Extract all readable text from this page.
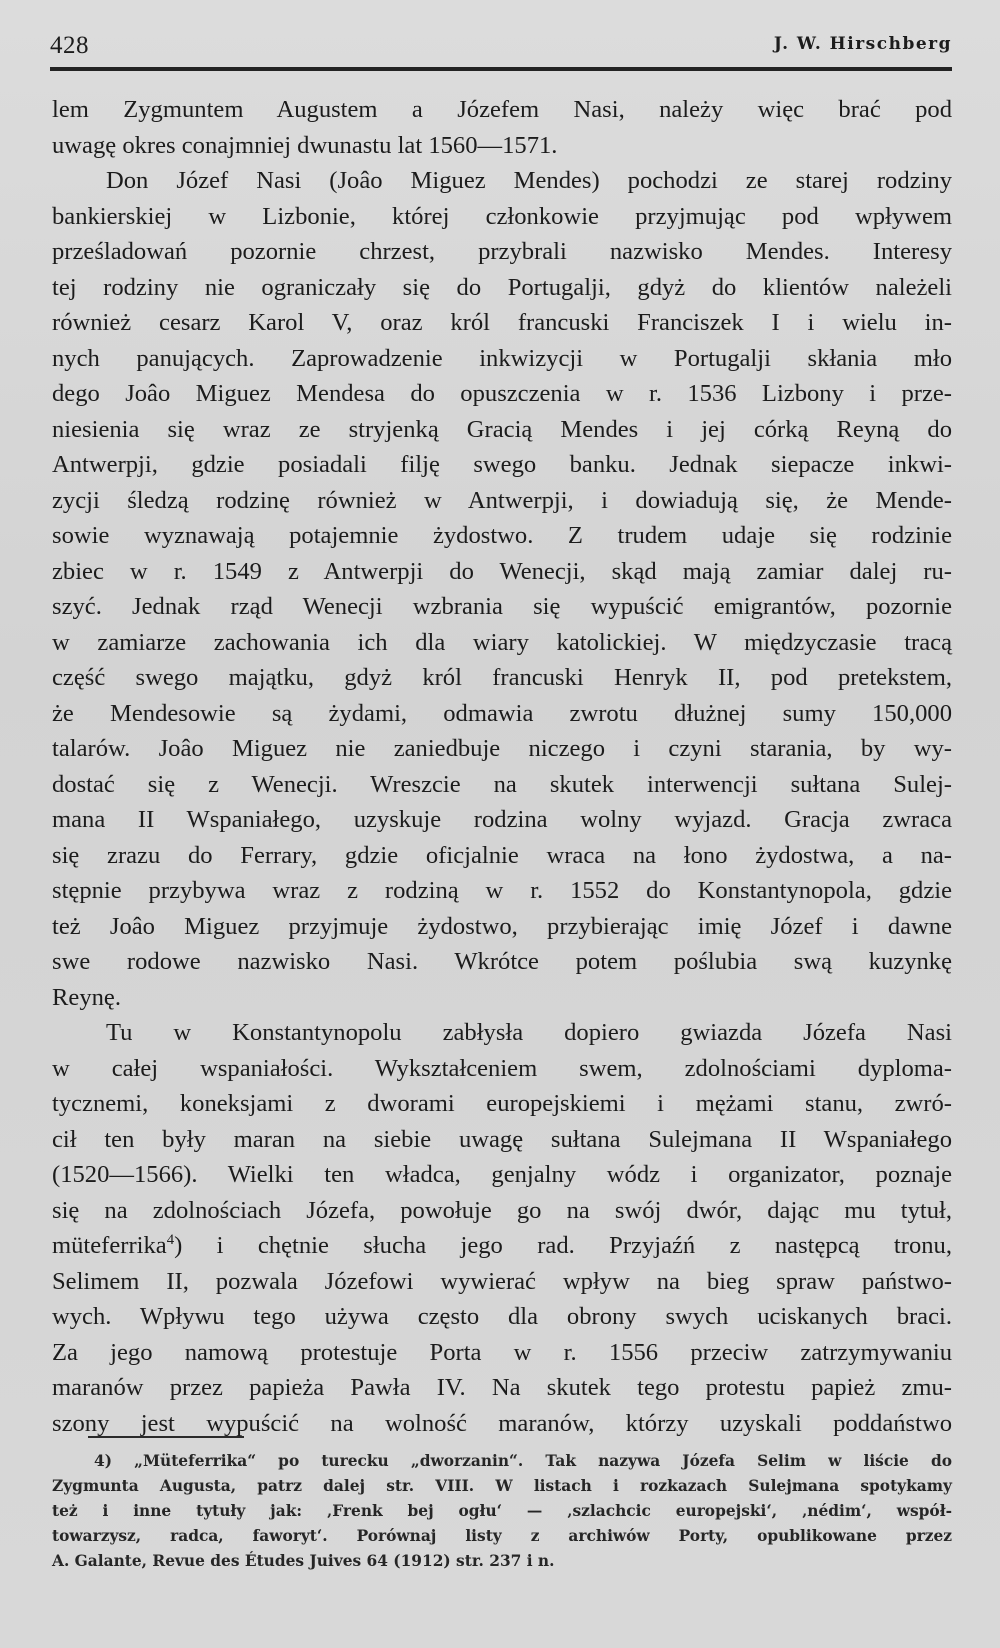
428	J. W. Hirschberg
lem Zygmuntem Augustem a Józefem Nasi, należy więc brać pod
uwagę okres conajmniej dwunastu lat 1560—1571.
Don Józef Nasi (Joâo Miguez Mendes) pochodzi ze starej rodziny
bankierskiej w Lizbonie, której członkowie przyjmując pod wpływem
prześladowań pozornie chrzest, przybrali nazwisko Mendes. Interesy
tej rodziny nie ograniczały się do Portugalji, gdyż do klientów należeli
również cesarz Karol V, oraz król francuski Franciszek I i wielu in-
nych panujących. Zaprowadzenie inkwizycji w Portugalji skłania mło
dego Joâo Miguez Mendesa do opuszczenia w r. 1536 Lizbony i prze-
niesienia się wraz ze stryjenką Gracią Mendes i jej córką Reyną do
Antwerpji, gdzie posiadali filję swego banku. Jednak siepacze inkwi-
zycji śledzą rodzinę również w Antwerpji, i dowiadują się, że Mende-
sowie wyznawają potajemnie żydostwo. Z trudem udaje się rodzinie
zbiec w r. 1549 z Antwerpji do Wenecji, skąd mają zamiar dalej ru-
szyć. Jednak rząd Wenecji wzbrania się wypuścić emigrantów, pozornie
w zamiarze zachowania ich dla wiary katolickiej. W międzyczasie tracą
część swego majątku, gdyż król francuski Henryk II, pod pretekstem,
że Mendesowie są żydami, odmawia zwrotu dłużnej sumy 150,000
talarów. Joâo Miguez nie zaniedbuje niczego i czyni starania, by wy-
dostać się z Wenecji. Wreszcie na skutek interwencji sułtana Sulej-
mana II Wspaniałego, uzyskuje rodzina wolny wyjazd. Gracja zwraca
się zrazu do Ferrary, gdzie oficjalnie wraca na łono żydostwa, a na-
stępnie przybywa wraz z rodziną w r. 1552 do Konstantynopola, gdzie
też Joâo Miguez przyjmuje żydostwo, przybierając imię Józef i dawne
swe rodowe nazwisko Nasi. Wkrótce potem poślubia swą kuzynkę
Reynę.
Tu w Konstantynopolu zabłysła dopiero gwiazda Józefa Nasi
w całej wspaniałości. Wykształceniem swem, zdolnościami dyploma-
tycznemi, koneksjami z dworami europejskiemi i mężami stanu, zwró-
cił ten były maran na siebie uwagę sułtana Sulejmana II Wspaniałego
(1520—1566). Wielki ten władca, genjalny wódz i organizator, poznaje
się na zdolnościach Józefa, powołuje go na swój dwór, dając mu tytuł,
müteferrika$^4$) i chętnie słucha jego rad. Przyjaźń z następcą tronu,
Selimem II, pozwala Józefowi wywierać wpływ na bieg spraw państwo-
wych. Wpływu tego używa często dla obrony swych uciskanych braci.
Za jego namową protestuje Porta w r. 1556 przeciw zatrzymywaniu
maranów przez papieża Pawła IV. Na skutek tego protestu papież zmu-
szony jest wypuścić na wolność maranów, którzy uzyskali poddaństwo
4) „Müteferrika“ po turecku „dworzanin“. Tak nazywa Józefa Selim w liście do
Zygmunta Augusta, patrz dalej str. VIII. W listach i rozkazach Sulejmana spotykamy
też i inne tytuły jak: ‚Frenk bej ogłu‘ — ‚szlachcic europejski‘, ‚nédim‘, współ-
towarzysz, radca, faworyt‘. Porównaj listy z archiwów Porty, opublikowane przez
A. Galante, Revue des Études Juives 64 (1912) str. 237 i n.
